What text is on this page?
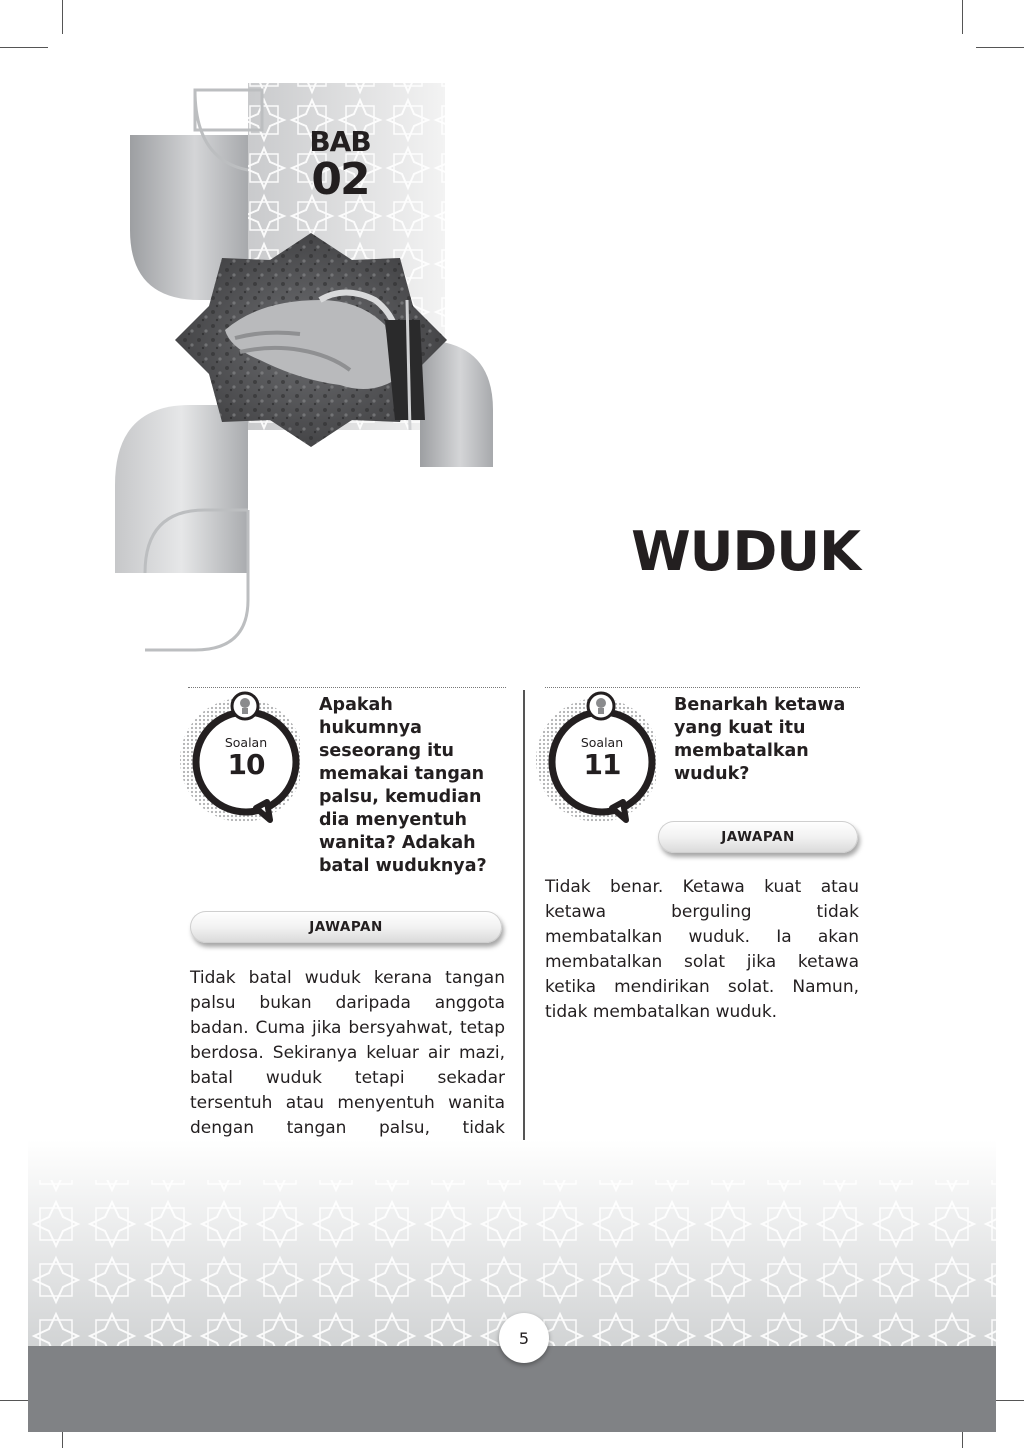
BAB
02
WUDUK
Soalan
10

Apakah hukumnya seseorang itu memakai tangan palsu, kemudian dia menyentuh wanita? Adakah batal wuduknya?

JAWAPAN

Tidak batal wuduk kerana tangan palsu bukan daripada anggota badan. Cuma jika bersyahwat, tetap berdosa. Sekiranya keluar air mazi, batal wuduk tetapi sekadar tersentuh atau menyentuh wanita dengan tangan palsu, tidak

Soalan
11

Benarkah ketawa yang kuat itu membatalkan wuduk?

JAWAPAN

Tidak benar. Ketawa kuat atau ketawa berguling tidak membatalkan wuduk. Ia akan membatalkan solat jika ketawa ketika mendirikan solat. Namun, tidak membatalkan wuduk.

5
